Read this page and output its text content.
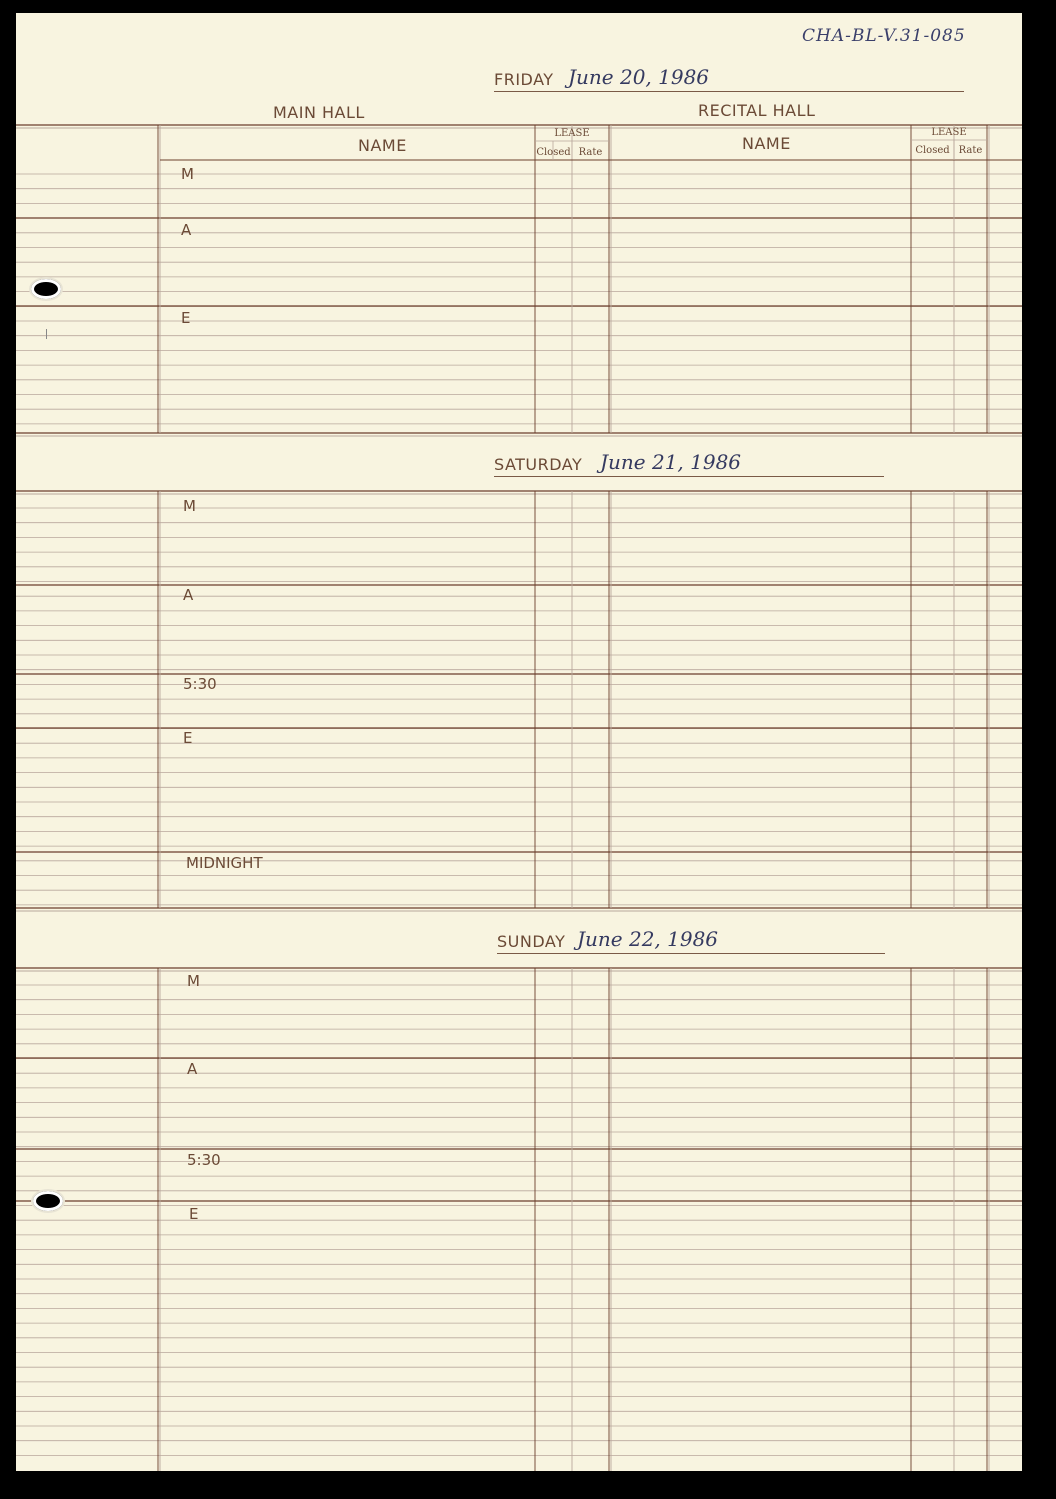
CHA-BL-V.31-085
FRIDAY June 20, 1986
MAIN HALL	RECITAL HALL
NAME	NAME
LEASE
Closed Rate
LEASE
Closed Rate
M
A
E
SATURDAY June 21, 1986
M
A
5:30
E
MIDNIGHT
SUNDAY June 22, 1986
M
A
5:30
E
